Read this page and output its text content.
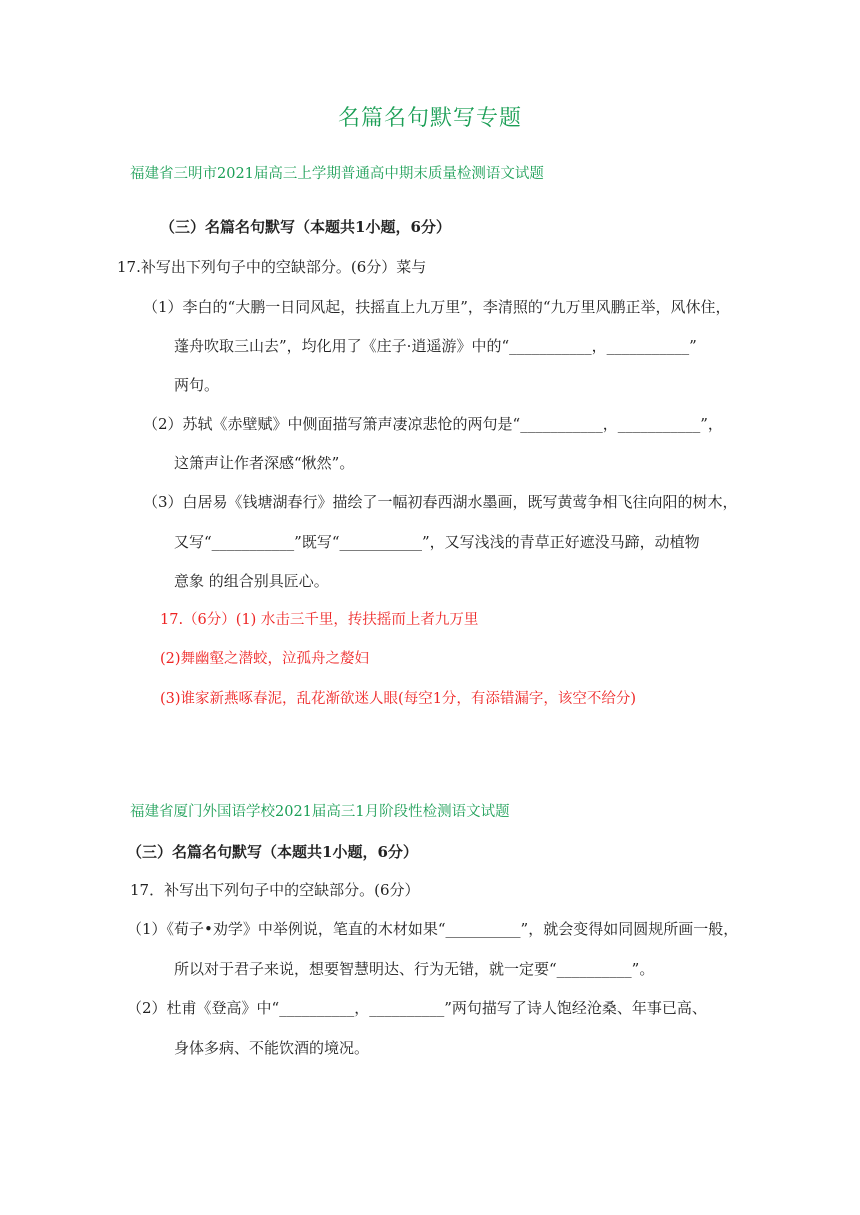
名篇名句默写专题
福建省三明市2021届高三上学期普通高中期末质量检测语文试题
（三）名篇名句默写（本题共1小题，6分）
17.补写出下列句子中的空缺部分。(6分）菜与
（1）李白的“大鹏一日同风起，扶摇直上九万里”，李清照的“九万里风鹏正举，风休住，
蓬舟吹取三山去”，均化用了《庄子·逍遥游》中的“___________，___________”
两句。
（2）苏轼《赤壁赋》中侧面描写箫声凄凉悲怆的两句是“___________，___________”，
这箫声让作者深感“愀然”。
（3）白居易《钱塘湖春行》描绘了一幅初春西湖水墨画，既写黄莺争相飞往向阳的树木，
又写“___________”既写“___________”，又写浅浅的青草正好遮没马蹄，动植物
意象 的组合别具匠心。
17.（6分）(1) 水击三千里，抟扶摇而上者九万里
(2)舞幽壑之潜蛟，泣孤舟之嫠妇
(3)谁家新燕啄春泥，乱花渐欲迷人眼(每空1分，有添错漏字，该空不给分)
福建省厦门外国语学校2021届高三1月阶段性检测语文试题
（三）名篇名句默写（本题共1小题，6分）
17．补写出下列句子中的空缺部分。(6分）
（1）《荀子•劝学》中举例说，笔直的木材如果“__________”，就会变得如同圆规所画一般，
所以对于君子来说，想要智慧明达、行为无错，就一定要“__________”。
（2）杜甫《登高》中“__________，__________”两句描写了诗人饱经沧桑、年事已高、
身体多病、不能饮酒的境况。
